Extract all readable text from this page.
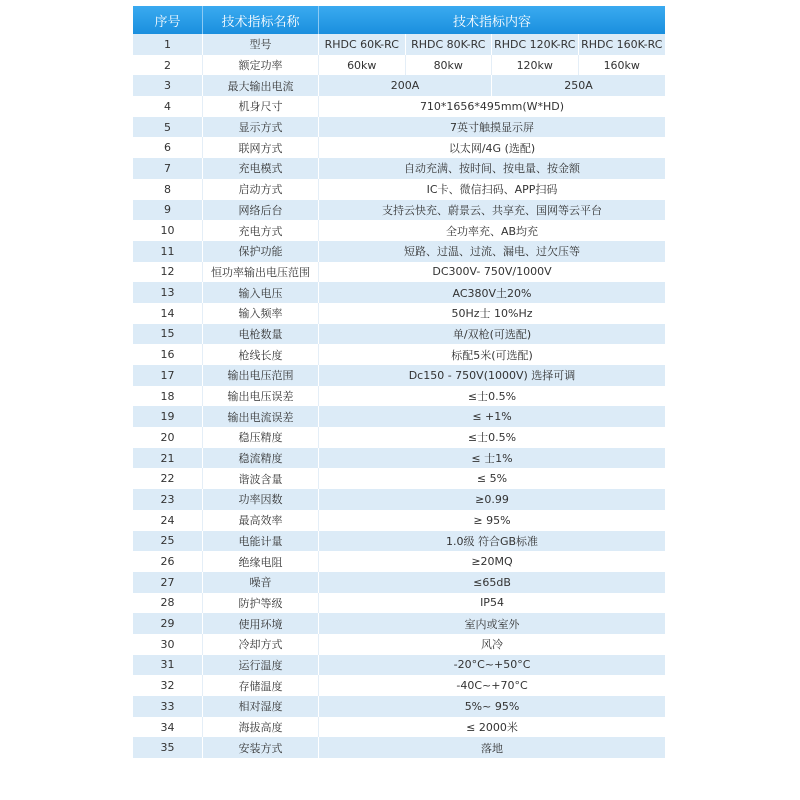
序号	技术指标名称	技术指标内容			
1	型号	RHDC 60K-RC	RHDC 80K-RC	RHDC 120K-RC	RHDC 160K-RC
2	额定功率	60kw	80kw	120kw	160kw
3	最大输出电流	200A		250A	
4	机身尺寸	710*1656*495mm(W*HD)			
5	显示方式	7英寸触摸显示屏			
6	联网方式	以太网/4G (选配)			
7	充电模式	自动充满、按时间、按电量、按金额			
8	启动方式	IC卡、微信扫码、APP扫码			
9	网络后台	支持云快充、蔚景云、共享充、国网等云平台			
10	充电方式	全功率充、AB均充			
11	保护功能	短路、过温、过流、漏电、过欠压等			
12	恒功率输出电压范围	DC300V- 750V/1000V			
13	输入电压	AC380V土20%			
14	输入频率	50Hz士 10%Hz			
15	电枪数量	单/双枪(可选配)			
16	枪线长度	标配5米(可选配)			
17	输出电压范围	Dc150 - 750V(1000V) 选择可调			
18	输出电压误差	≤士0.5%			
19	输出电流误差	≤ +1%			
20	稳压精度	≤士0.5%			
21	稳流精度	≤ 士1%			
22	谐波含量	≤ 5%			
23	功率因数	≥0.99			
24	最高效率	≥ 95%			
25	电能计量	1.0级 符合GB标准			
26	绝缘电阻	≥20MQ			
27	噪音	≤65dB			
28	防护等级	IP54			
29	使用环境	室内或室外			
30	冷却方式	风冷			
31	运行温度	-20°C~+50°C			
32	存储温度	-40C~+70°C			
33	相对湿度	5%~ 95%			
34	海拔高度	≤ 2000米			
35	安装方式	落地			
